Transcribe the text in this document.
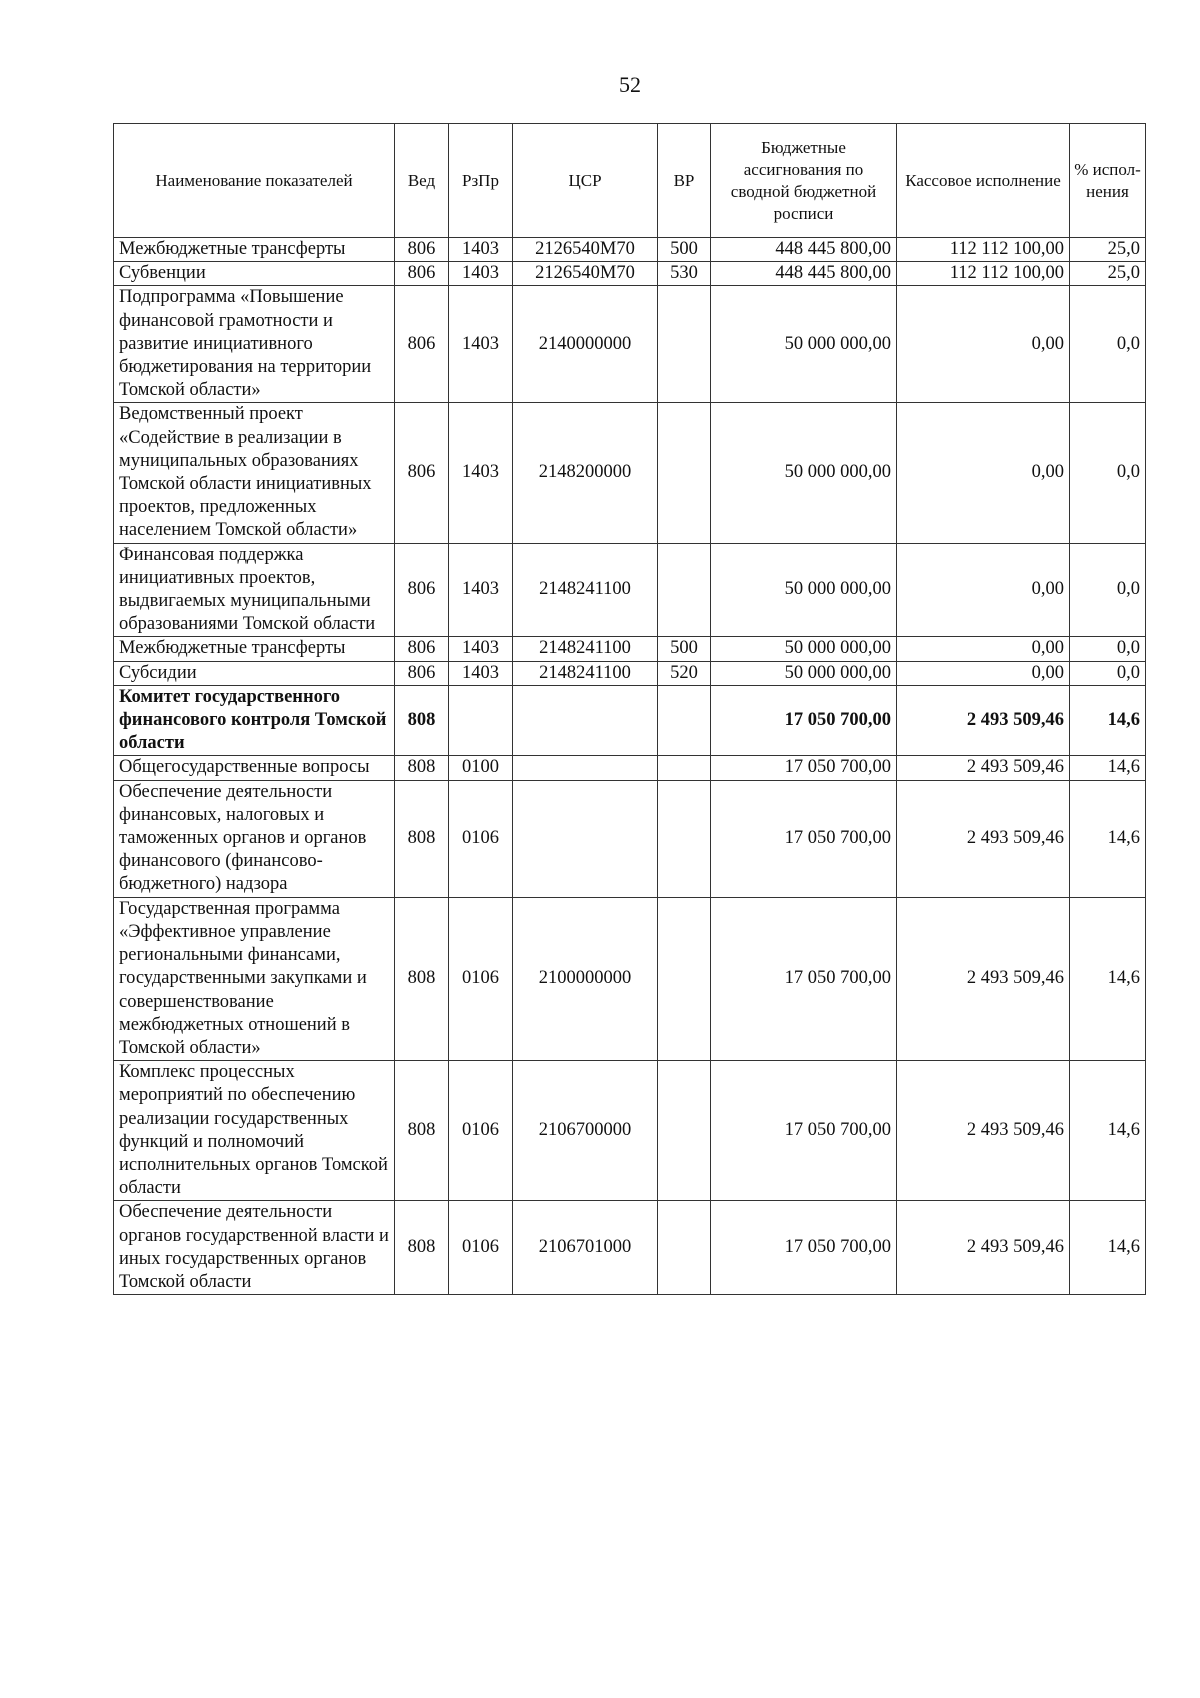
52
Наименование показателей	Вед	РзПр	ЦСР	ВР	Бюджетные ассигнования по сводной бюджетной росписи	Кассовое исполнение	% испол-нения
Межбюджетные трансферты	806	1403	2126540M70	500	448 445 800,00	112 112 100,00	25,0
Субвенции	806	1403	2126540M70	530	448 445 800,00	112 112 100,00	25,0
Подпрограмма «Повышение финансовой грамотности и развитие инициативного бюджетирования на территории Томской области»	806	1403	2140000000		50 000 000,00	0,00	0,0
Ведомственный проект «Содействие в реализации в муниципальных образованиях Томской области инициативных проектов, предложенных населением Томской области»	806	1403	2148200000		50 000 000,00	0,00	0,0
Финансовая поддержка инициативных проектов, выдвигаемых муниципальными образованиями Томской области	806	1403	2148241100		50 000 000,00	0,00	0,0
Межбюджетные трансферты	806	1403	2148241100	500	50 000 000,00	0,00	0,0
Субсидии	806	1403	2148241100	520	50 000 000,00	0,00	0,0
Комитет государственного финансового контроля Томской области	808				17 050 700,00	2 493 509,46	14,6
Общегосударственные вопросы	808	0100			17 050 700,00	2 493 509,46	14,6
Обеспечение деятельности финансовых, налоговых и таможенных органов и органов финансового (финансово-бюджетного) надзора	808	0106			17 050 700,00	2 493 509,46	14,6
Государственная программа «Эффективное управление региональными финансами, государственными закупками и совершенствование межбюджетных отношений в Томской области»	808	0106	2100000000		17 050 700,00	2 493 509,46	14,6
Комплекс процессных мероприятий по обеспечению реализации государственных функций и полномочий исполнительных органов Томской области	808	0106	2106700000		17 050 700,00	2 493 509,46	14,6
Обеспечение деятельности органов государственной власти и иных государственных органов Томской области	808	0106	2106701000		17 050 700,00	2 493 509,46	14,6
